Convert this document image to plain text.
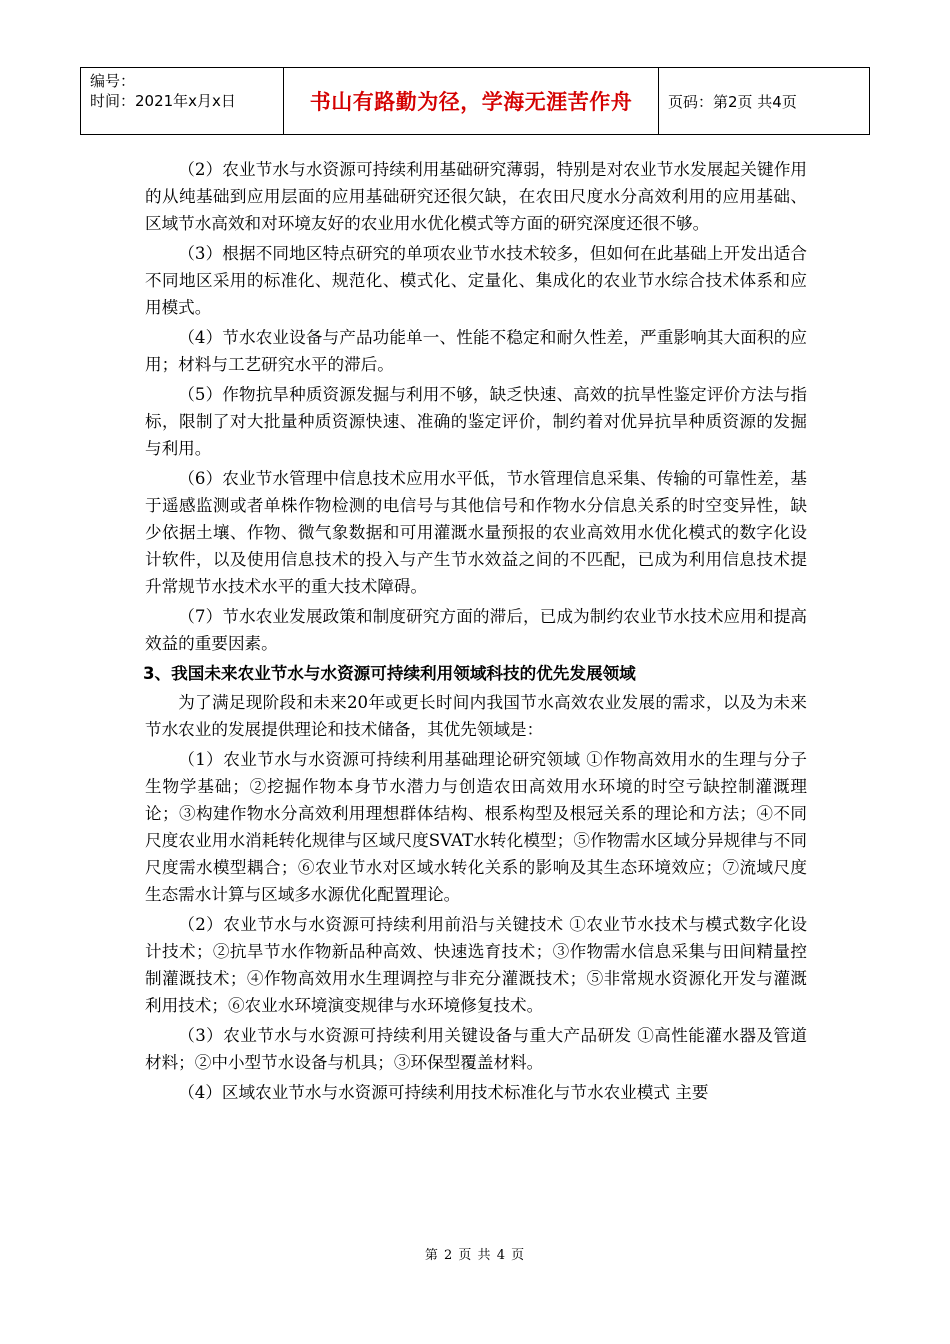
编号：
时间：2021年x月x日	书山有路勤为径，学海无涯苦作舟	页码：第2页 共4页

（2）农业节水与水资源可持续利用基础研究薄弱，特别是对农业节水发展起关键作用的从纯基础到应用层面的应用基础研究还很欠缺，在农田尺度水分高效利用的应用基础、区域节水高效和对环境友好的农业用水优化模式等方面的研究深度还很不够。

（3）根据不同地区特点研究的单项农业节水技术较多，但如何在此基础上开发出适合不同地区采用的标准化、规范化、模式化、定量化、集成化的农业节水综合技术体系和应用模式。

（4）节水农业设备与产品功能单一、性能不稳定和耐久性差，严重影响其大面积的应用；材料与工艺研究水平的滞后。

（5）作物抗旱种质资源发掘与利用不够，缺乏快速、高效的抗旱性鉴定评价方法与指标，限制了对大批量种质资源快速、准确的鉴定评价，制约着对优异抗旱种质资源的发掘与利用。

（6）农业节水管理中信息技术应用水平低，节水管理信息采集、传输的可靠性差，基于遥感监测或者单株作物检测的电信号与其他信号和作物水分信息关系的时空变异性，缺少依据土壤、作物、微气象数据和可用灌溉水量预报的农业高效用水优化模式的数字化设计软件，以及使用信息技术的投入与产生节水效益之间的不匹配，已成为利用信息技术提升常规节水技术水平的重大技术障碍。

（7）节水农业发展政策和制度研究方面的滞后，已成为制约农业节水技术应用和提高效益的重要因素。

3、我国未来农业节水与水资源可持续利用领域科技的优先发展领域

为了满足现阶段和未来20年或更长时间内我国节水高效农业发展的需求，以及为未来节水农业的发展提供理论和技术储备，其优先领域是：

（1）农业节水与水资源可持续利用基础理论研究领域 ①作物高效用水的生理与分子生物学基础；②挖掘作物本身节水潜力与创造农田高效用水环境的时空亏缺控制灌溉理论；③构建作物水分高效利用理想群体结构、根系构型及根冠关系的理论和方法；④不同尺度农业用水消耗转化规律与区域尺度SVAT水转化模型；⑤作物需水区域分异规律与不同尺度需水模型耦合；⑥农业节水对区域水转化关系的影响及其生态环境效应；⑦流域尺度生态需水计算与区域多水源优化配置理论。

（2）农业节水与水资源可持续利用前沿与关键技术 ①农业节水技术与模式数字化设计技术；②抗旱节水作物新品种高效、快速选育技术；③作物需水信息采集与田间精量控制灌溉技术；④作物高效用水生理调控与非充分灌溉技术；⑤非常规水资源化开发与灌溉利用技术；⑥农业水环境演变规律与水环境修复技术。

（3）农业节水与水资源可持续利用关键设备与重大产品研发 ①高性能灌水器及管道材料；②中小型节水设备与机具；③环保型覆盖材料。

（4）区域农业节水与水资源可持续利用技术标准化与节水农业模式 主要

第 2 页 共 4 页
